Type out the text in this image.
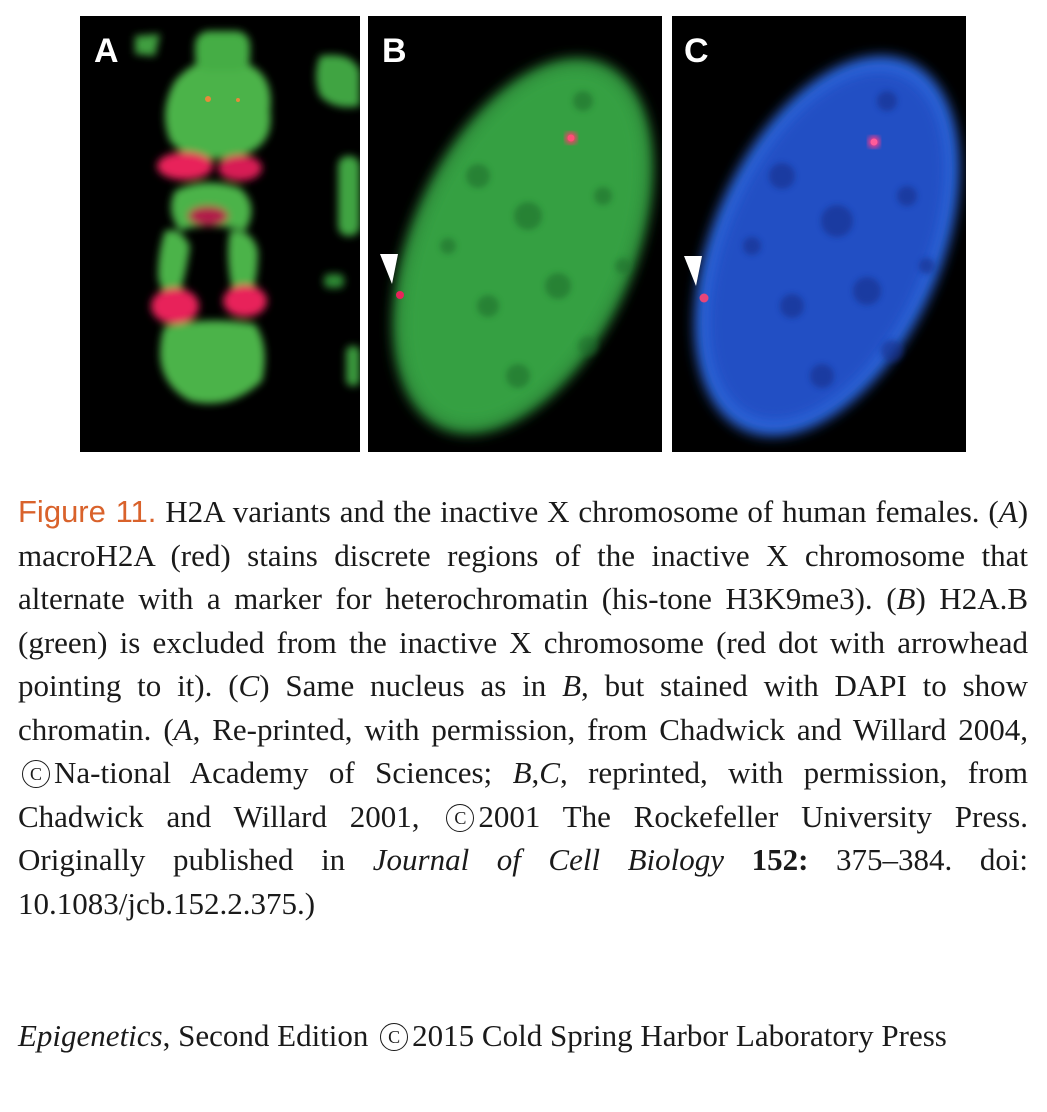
A	B	C
Figure 11. H2A variants and the inactive X chromosome of human females. (A) macroH2A (red) stains discrete regions of the inactive X chromosome that alternate with a marker for heterochromatin (his-tone H3K9me3). (B) H2A.B (green) is excluded from the inactive X chromosome (red dot with arrowhead pointing to it). (C) Same nucleus as in B, but stained with DAPI to show chromatin. (A, Re-printed, with permission, from Chadwick and Willard 2004, C Na-tional Academy of Sciences; B,C, reprinted, with permission, from Chadwick and Willard 2001, C 2001 The Rockefeller University Press. Originally published in Journal of Cell Biology 152: 375–384. doi: 10.1083/jcb.152.2.375.)
Epigenetics, Second Edition C 2015 Cold Spring Harbor Laboratory Press
